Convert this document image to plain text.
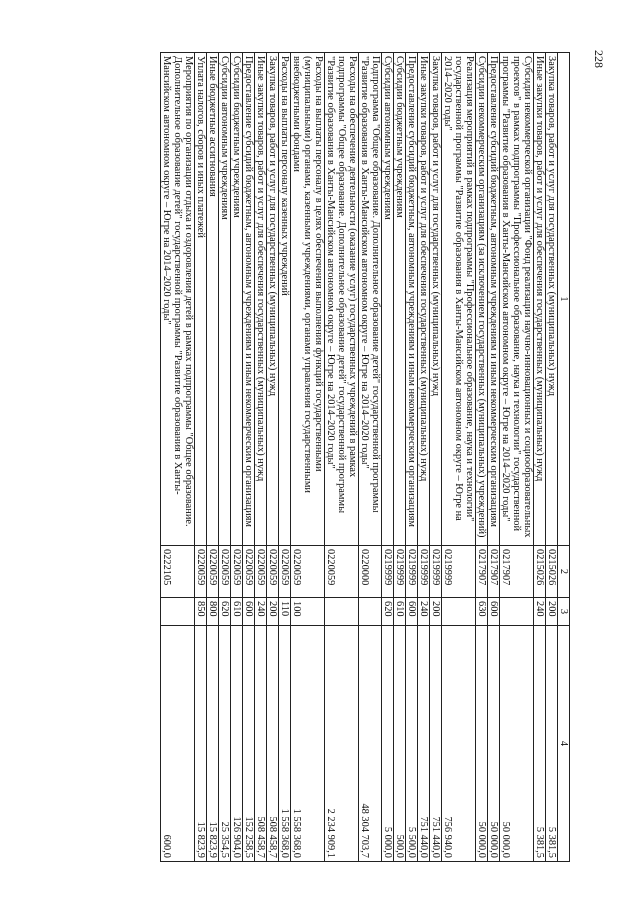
228
1	2	3	4
Закупка товаров, работ и услуг для государственных (муниципальных) нужд	0215026	200	5 381,5
Иные закупки товаров, работ и услуг для обеспечения государственных (муниципальных) нужд	0215026	240	5 381,5
Субсидии некоммерческой организации "Фонд реализации научно-инновационных и социообразовательных проектов" в рамках подпрограммы "Профессиональное образование, наука и технологии" государственной программы "Развитие образования в Ханты-Мансийском автономном округе – Югре на 2014–2020 годы"	0217907		50 000,0
Предоставление субсидий бюджетным, автономным учреждениям и иным некоммерческим организациям	0217907	600	50 000,0
Субсидии некоммерческим организациям (за исключением государственных (муниципальных) учреждений)	0217907	630	50 000,0
Реализация мероприятий в рамках подпрограммы "Профессиональное образование, наука и технологии" государственной программы "Развитие образования в Ханты-Мансийском автономном округе – Югре на 2014–2020 годы"	0219999		756 940,0
Закупка товаров, работ и услуг для государственных (муниципальных) нужд	0219999	200	751 440,0
Иные закупки товаров, работ и услуг для обеспечения государственных (муниципальных) нужд	0219999	240	751 440,0
Предоставление субсидий бюджетным, автономным учреждениям и иным некоммерческим организациям	0219999	600	5 500,0
Субсидии бюджетным учреждениям	0219999	610	500,0
Субсидии автономным учреждениям	0219999	620	5 000,0
Подпрограмма "Общее образование. Дополнительное образование детей" государственной программы "Развитие образования в Ханты-Мансийском автономном округе – Югре на 2014–2020 годы"	0220000		48 304 703,7
Расходы на обеспечение деятельности (оказание услуг) государственных учреждений в рамках подпрограммы "Общее образование. Дополнительное образование детей" государственной программы "Развитие образования в Ханты-Мансийском автономном округе – Югре на 2014–2020 годы"	0220059		2 234 909,1
Расходы на выплаты персоналу в целях обеспечения выполнения функций государственными (муниципальными) органами, казенными учреждениями, органами управления государственными внебюджетными фондами	0220059	100	1 558 368,0
Расходы на выплаты персоналу казенных учреждений	0220059	110	1 558 368,0
Закупка товаров, работ и услуг для государственных (муниципальных) нужд	0220059	200	508 458,7
Иные закупки товаров, работ и услуг для обеспечения государственных (муниципальных) нужд	0220059	240	508 458,7
Предоставление субсидий бюджетным, автономным учреждениям и иным некоммерческим организациям	0220059	600	152 258,5
Субсидии бюджетным учреждениям	0220059	610	126 904,0
Субсидии автономным учреждениям	0220059	620	25 354,5
Иные бюджетные ассигнования	0220059	800	15 823,9
Уплата налогов, сборов и иных платежей	0220059	850	15 823,9
Мероприятия по организации отдыха и оздоровления детей в рамках подпрограммы "Общее образование. Дополнительное образование детей" государственной программы "Развитие образования в Ханты-Мансийском автономном округе – Югре на 2014–2020 годы"	0222105		600,0
